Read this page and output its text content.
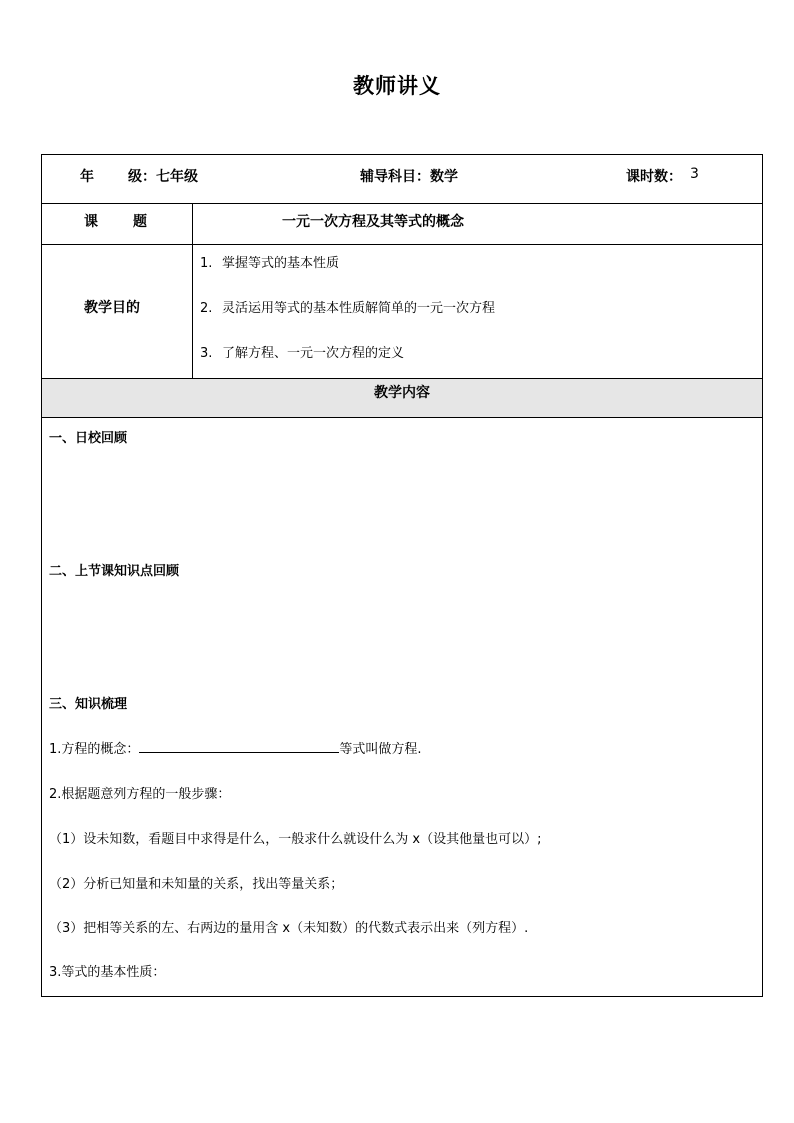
教师讲义
年 级：七年级	辅导科目：数学	课时数： 3
课	题	一元一次方程及其等式的概念
教学目的
1. 掌握等式的基本性质
2. 灵活运用等式的基本性质解简单的一元一次方程
3. 了解方程、一元一次方程的定义
教学内容
一、日校回顾
二、上节课知识点回顾
三、知识梳理
1.方程的概念：	等式叫做方程.
2.根据题意列方程的一般步骤：
（1）设未知数，看题目中求得是什么，一般求什么就设什么为 x（设其他量也可以）;
（2）分析已知量和未知量的关系，找出等量关系；
（3）把相等关系的左、右两边的量用含 x（未知数）的代数式表示出来（列方程）.
3.等式的基本性质：
